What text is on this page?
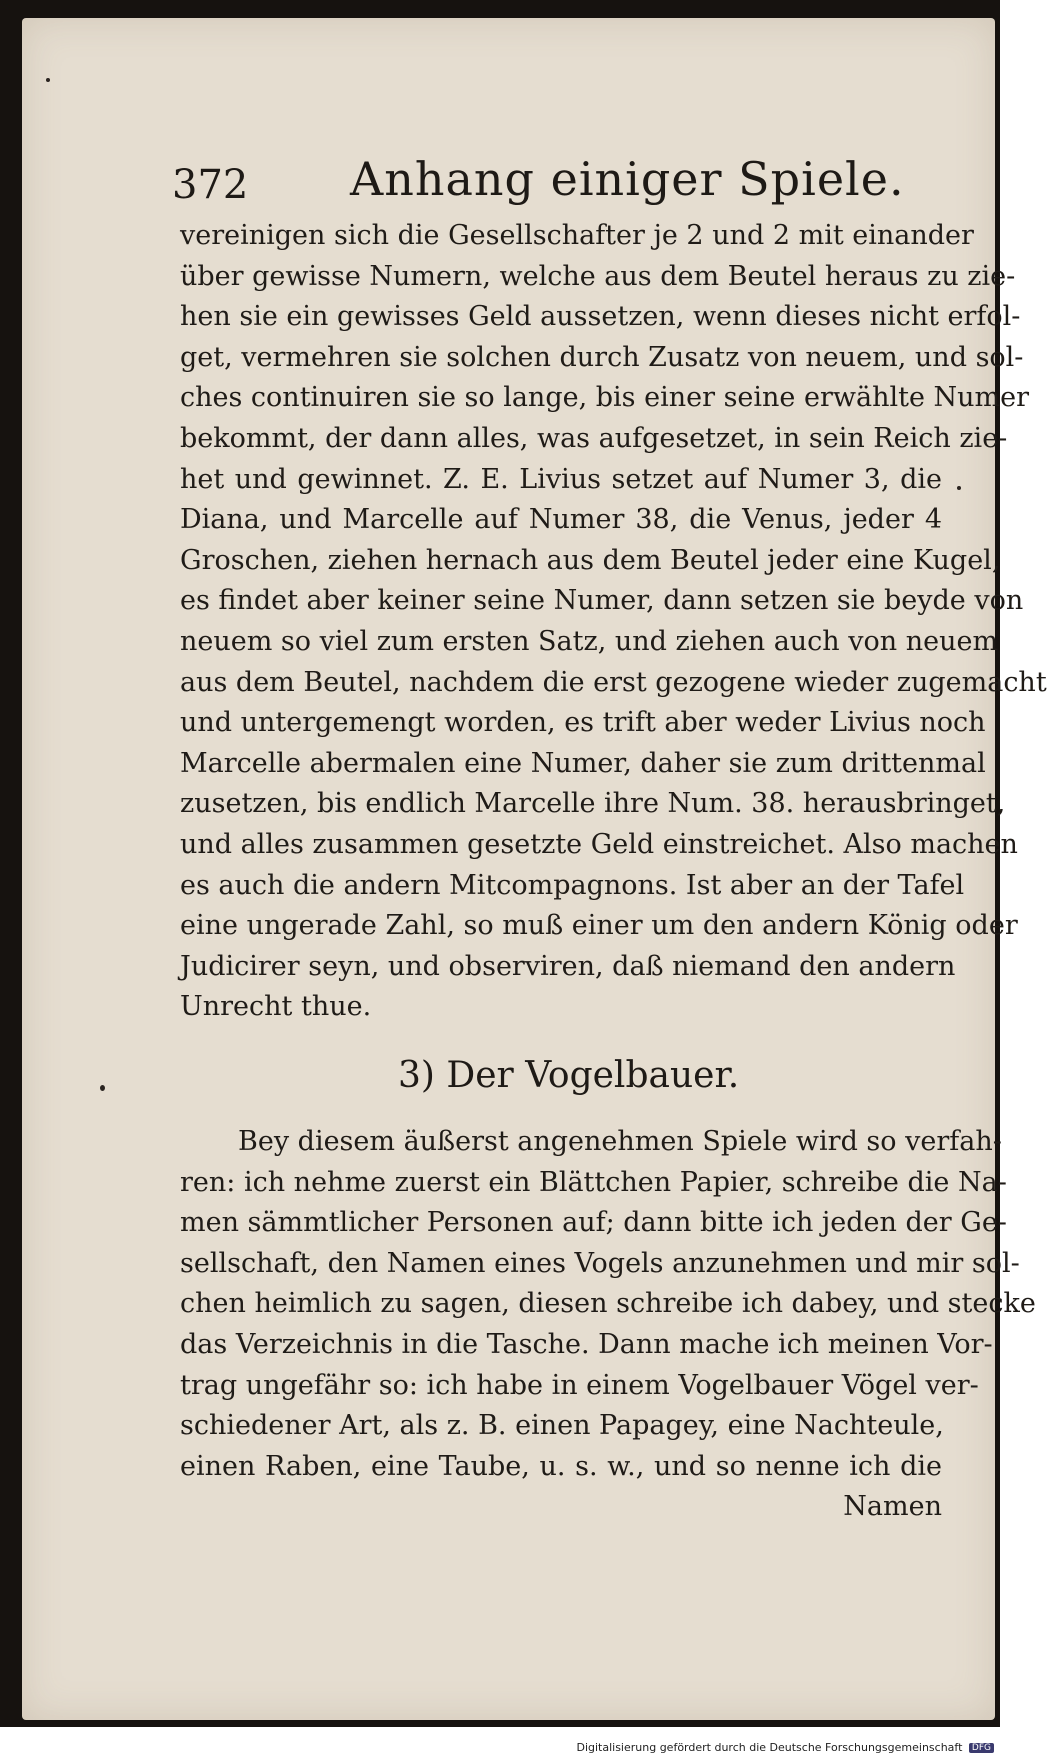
372 Anhang einiger Spiele.
vereinigen sich die Gesellschafter je 2 und 2 mit einander
über gewisse Numern, welche aus dem Beutel heraus zu zie-
hen sie ein gewisses Geld aussetzen, wenn dieses nicht erfol-
get, vermehren sie solchen durch Zusatz von neuem, und sol-
ches continuiren sie so lange, bis einer seine erwählte Numer
bekommt, der dann alles, was aufgesetzet, in sein Reich zie-
het und gewinnet. Z. E. Livius setzet auf Numer 3, die
Diana, und Marcelle auf Numer 38, die Venus, jeder 4
Groschen, ziehen hernach aus dem Beutel jeder eine Kugel,
es findet aber keiner seine Numer, dann setzen sie beyde von
neuem so viel zum ersten Satz, und ziehen auch von neuem
aus dem Beutel, nachdem die erst gezogene wieder zugemacht
und untergemengt worden, es trift aber weder Livius noch
Marcelle abermalen eine Numer, daher sie zum drittenmal
zusetzen, bis endlich Marcelle ihre Num. 38. herausbringet,
und alles zusammen gesetzte Geld einstreichet. Also machen
es auch die andern Mitcompagnons. Ist aber an der Tafel
eine ungerade Zahl, so muß einer um den andern König oder
Judicirer seyn, und observiren, daß niemand den andern
Unrecht thue.
3) Der Vogelbauer.
Bey diesem äußerst angenehmen Spiele wird so verfah-
ren: ich nehme zuerst ein Blättchen Papier, schreibe die Na-
men sämmtlicher Personen auf; dann bitte ich jeden der Ge-
sellschaft, den Namen eines Vogels anzunehmen und mir sol-
chen heimlich zu sagen, diesen schreibe ich dabey, und stecke
das Verzeichnis in die Tasche. Dann mache ich meinen Vor-
trag ungefähr so: ich habe in einem Vogelbauer Vögel ver-
schiedener Art, als z. B. einen Papagey, eine Nachteule,
einen Raben, eine Taube, u. s. w., und so nenne ich die
Namen
Digitalisierung gefördert durch die Deutsche Forschungsgemeinschaft DFG
